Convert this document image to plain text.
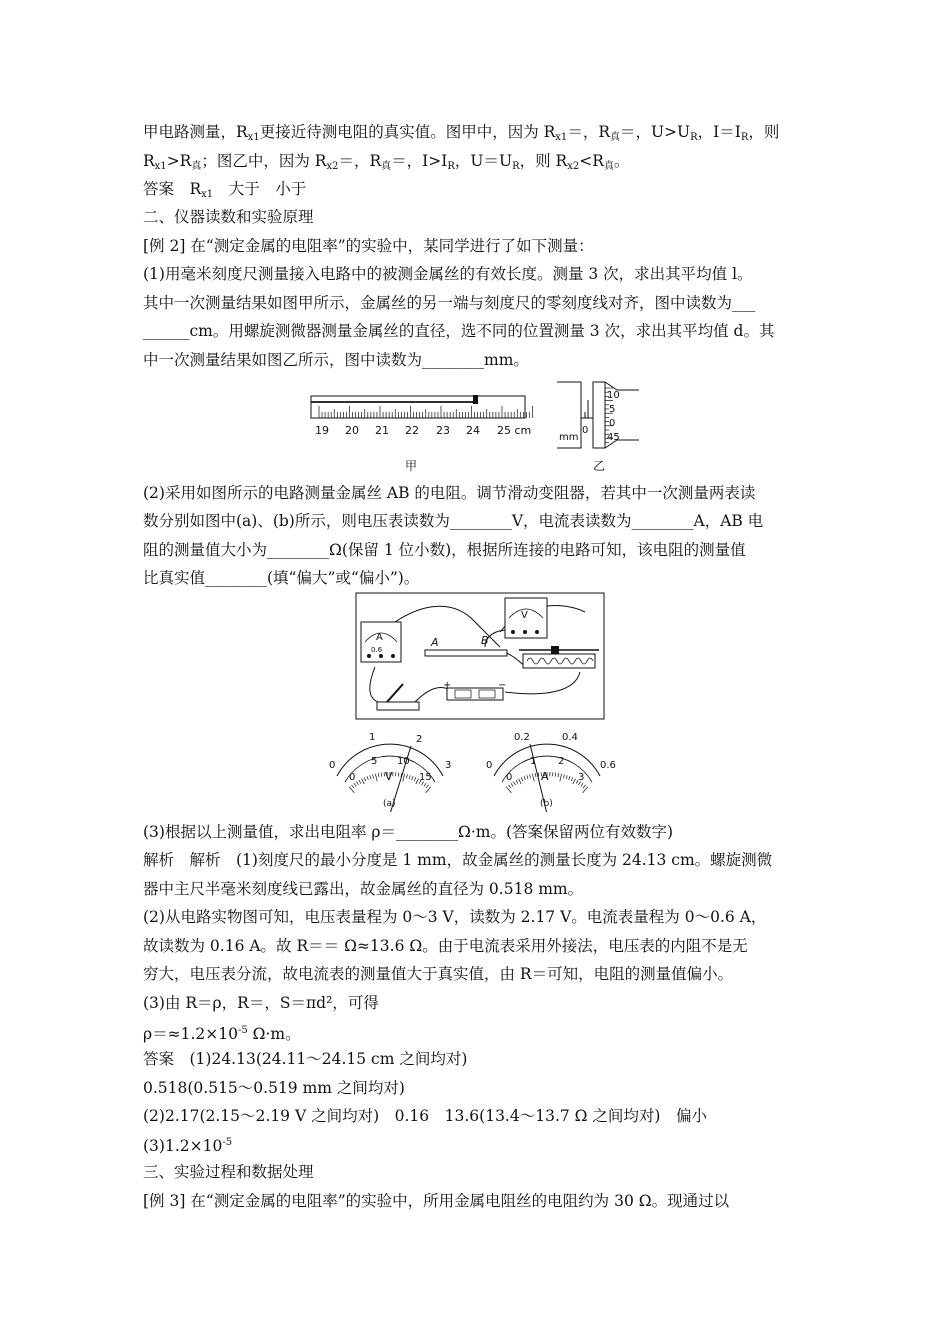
甲电路测量，$R_{x1}$更接近待测电阻的真实值。图甲中，因为 $R_{x1}=$，$R_真=$，$U>U_R$，$I=I_R$，则
$R_{x1}>R_真$；图乙中，因为 $R_{x2}=$，$R_真=$，$I>I_R$，$U=U_R$，则 $R_{x2}<R_真$。
答案　$R_{x1}$　大于　小于
二、仪器读数和实验原理
[例 2] 在“测定金属的电阻率”的实验中，某同学进行了如下测量：
(1)用毫米刻度尺测量接入电路中的被测金属丝的有效长度。测量 3 次，求出其平均值 l。
其中一次测量结果如图甲所示，金属丝的另一端与刻度尺的零刻度线对齐，图中读数为___
______cm。用螺旋测微器测量金属丝的直径，选不同的位置测量 3 次，求出其平均值 d。其
中一次测量结果如图乙所示，图中读数为________mm。
19 20 21 22 23 24 25 cm
甲
10
5
0
45
0
mm
乙
(2)采用如图所示的电路测量金属丝 AB 的电阻。调节滑动变阻器，若其中一次测量两表读
数分别如图中(a)、(b)所示，则电压表读数为________V，电流表读数为________A，AB 电
阻的测量值大小为________Ω(保留 1 位小数)，根据所连接的电路可知，该电阻的测量值
比真实值________(填“偏大”或“偏小”)。
A
0.6
A	B
V
+	−
0
1	2
3
0
5 10
15
V
(a)
0
0.2	0.4
0.6
0
1 2
3
A
(b)
(3)根据以上测量值，求出电阻率 ρ＝________Ω·m。(答案保留两位有效数字)
解析　解析　(1)刻度尺的最小分度是 1 mm，故金属丝的测量长度为 24.13 cm。螺旋测微
器中主尺半毫米刻度线已露出，故金属丝的直径为 0.518 mm。
(2)从电路实物图可知，电压表量程为 0～3 V，读数为 2.17 V。电流表量程为 0～0.6 A，
故读数为 0.16 A。故 R＝＝ Ω≈13.6 Ω。由于电流表采用外接法，电压表的内阻不是无
穷大，电压表分流，故电流表的测量值大于真实值，由 R＝可知，电阻的测量值偏小。
(3)由 R＝ρ，R＝，S＝πd²，可得
$\rho=\approx 1.2\times 10^{-5}$ Ω·m。
答案　(1)24.13(24.11～24.15 cm 之间均对)
0.518(0.515～0.519 mm 之间均对)
(2)2.17(2.15～2.19 V 之间均对)　0.16　13.6(13.4～13.7 Ω 之间均对)　偏小
$(3)1.2\times 10^{-5}$
三、实验过程和数据处理
[例 3] 在“测定金属的电阻率”的实验中，所用金属电阻丝的电阻约为 30 Ω。现通过以
